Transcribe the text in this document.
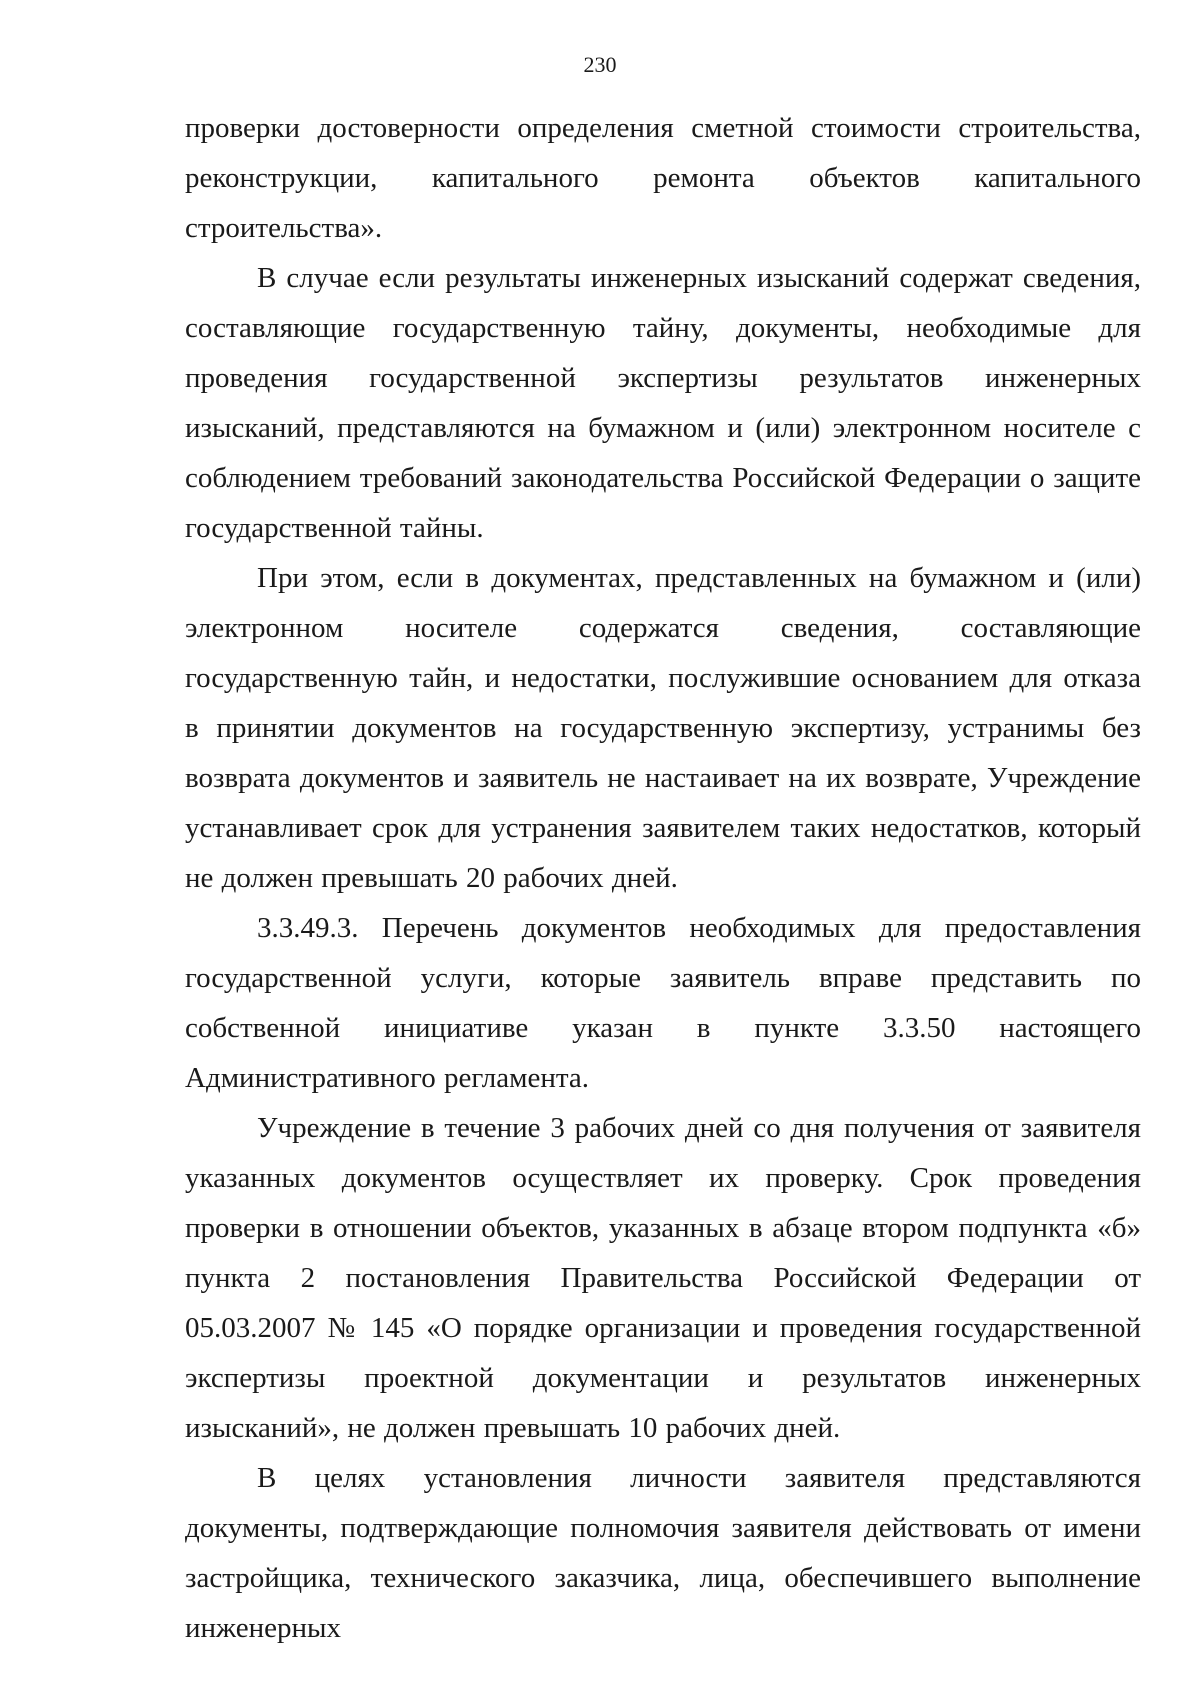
230

проверки достоверности определения сметной стоимости строительства, реконструкции, капитального ремонта объектов капитального строительства».

В случае если результаты инженерных изысканий содержат сведения, составляющие государственную тайну, документы, необходимые для проведения государственной экспертизы результатов инженерных изысканий, представляются на бумажном и (или) электронном носителе с соблюдением требований законодательства Российской Федерации о защите государственной тайны.

При этом, если в документах, представленных на бумажном и (или) электронном носителе содержатся сведения, составляющие государственную тайн, и недостатки, послужившие основанием для отказа в принятии документов на государственную экспертизу, устранимы без возврата документов и заявитель не настаивает на их возврате, Учреждение устанавливает срок для устранения заявителем таких недостатков, который не должен превышать 20 рабочих дней.

3.3.49.3. Перечень документов необходимых для предоставления государственной услуги, которые заявитель вправе представить по собственной инициативе указан в пункте 3.3.50 настоящего Административного регламента.

Учреждение в течение 3 рабочих дней со дня получения от заявителя указанных документов осуществляет их проверку. Срок проведения проверки в отношении объектов, указанных в абзаце втором подпункта «б» пункта 2 постановления Правительства Российской Федерации от 05.03.2007 № 145 «О порядке организации и проведения государственной экспертизы проектной документации и результатов инженерных изысканий», не должен превышать 10 рабочих дней.

В целях установления личности заявителя представляются документы, подтверждающие полномочия заявителя действовать от имени застройщика, технического заказчика, лица, обеспечившего выполнение инженерных
